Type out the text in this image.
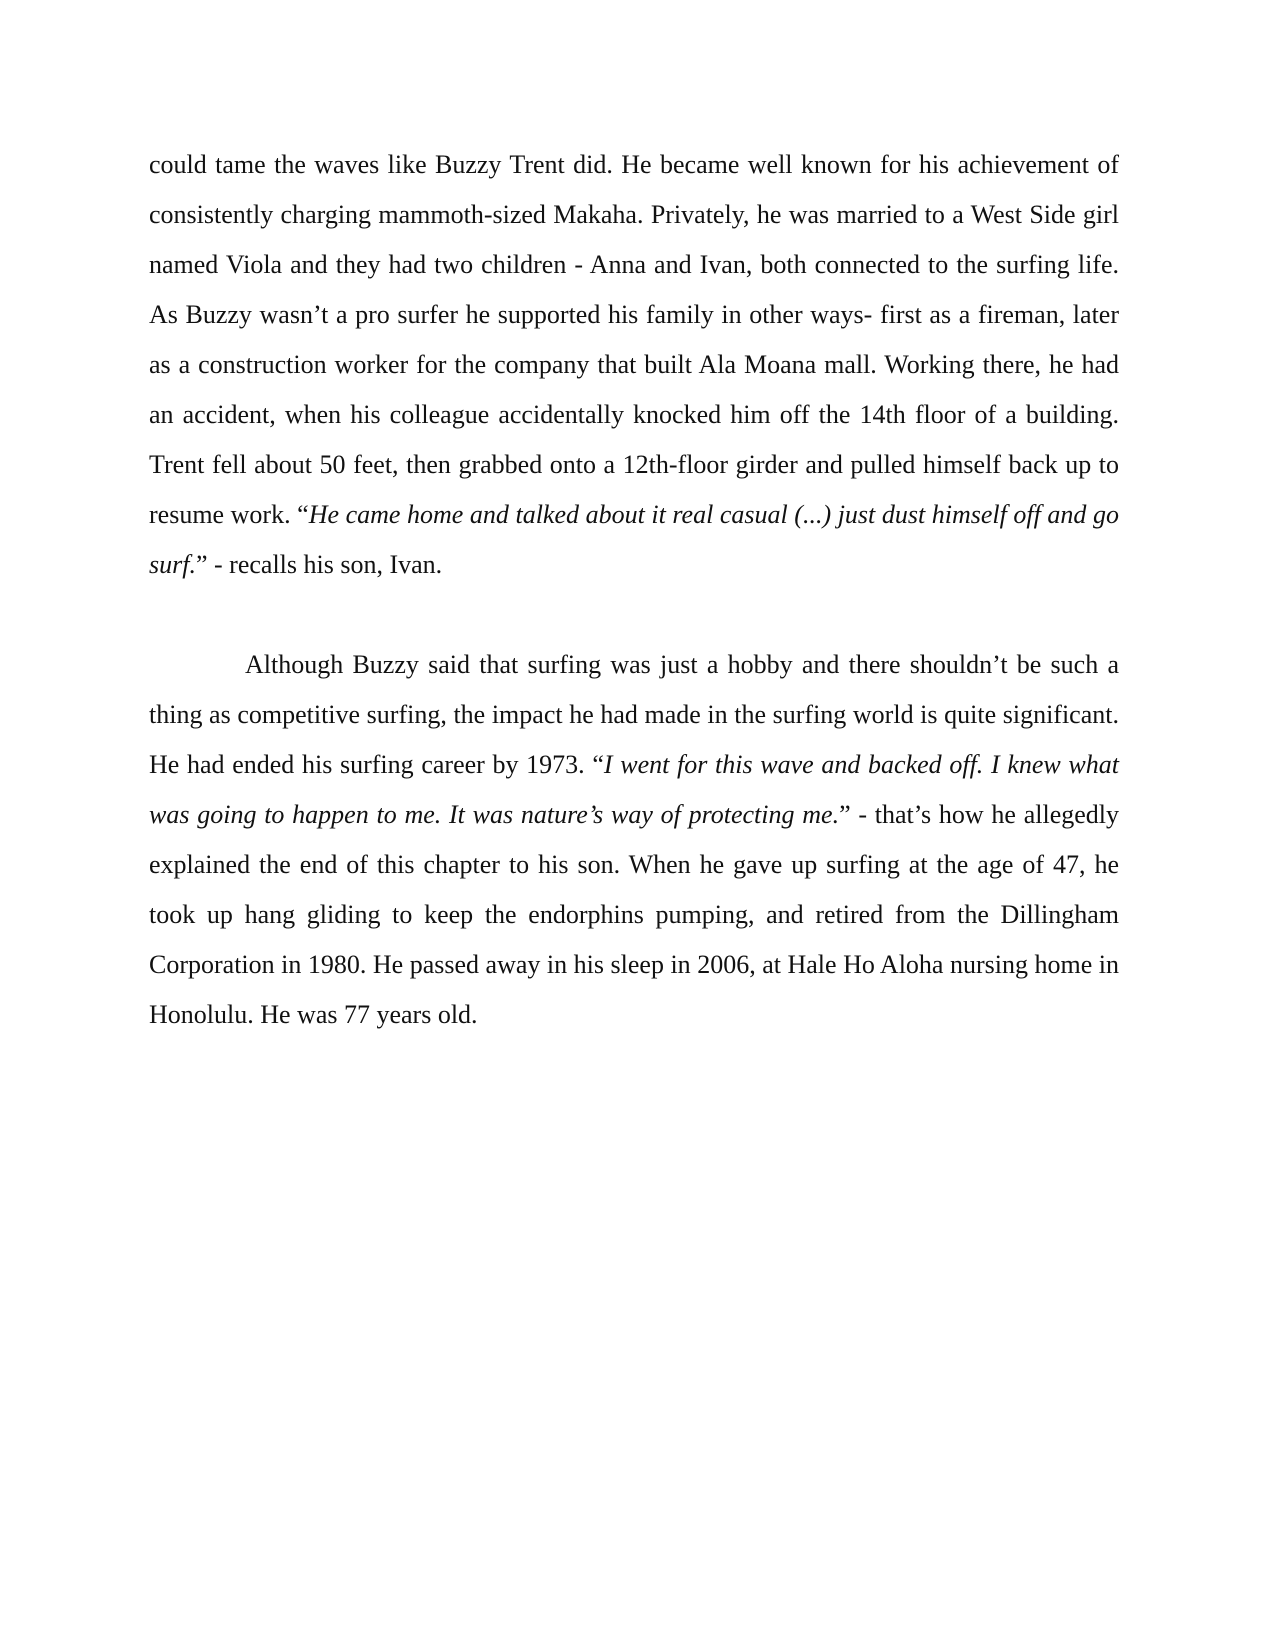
could tame the waves like Buzzy Trent did. He became well known for his achievement of consistently charging mammoth-sized Makaha. Privately, he was married to a West Side girl named Viola and they had two children - Anna and Ivan, both connected to the surfing life. As Buzzy wasn’t a pro surfer he supported his family in other ways- first as a fireman, later as a construction worker for the company that built Ala Moana mall. Working there, he had an accident, when his colleague accidentally knocked him off the 14th floor of a building. Trent fell about 50 feet, then grabbed onto a 12th-floor girder and pulled himself back up to resume work. “He came home and talked about it real casual (...) just dust himself off and go surf.” - recalls his son, Ivan.

Although Buzzy said that surfing was just a hobby and there shouldn’t be such a thing as competitive surfing, the impact he had made in the surfing world is quite significant. He had ended his surfing career by 1973. “I went for this wave and backed off. I knew what was going to happen to me. It was nature’s way of protecting me.” - that’s how he allegedly explained the end of this chapter to his son. When he gave up surfing at the age of 47, he took up hang gliding to keep the endorphins pumping, and retired from the Dillingham Corporation in 1980. He passed away in his sleep in 2006, at Hale Ho Aloha nursing home in Honolulu. He was 77 years old.
